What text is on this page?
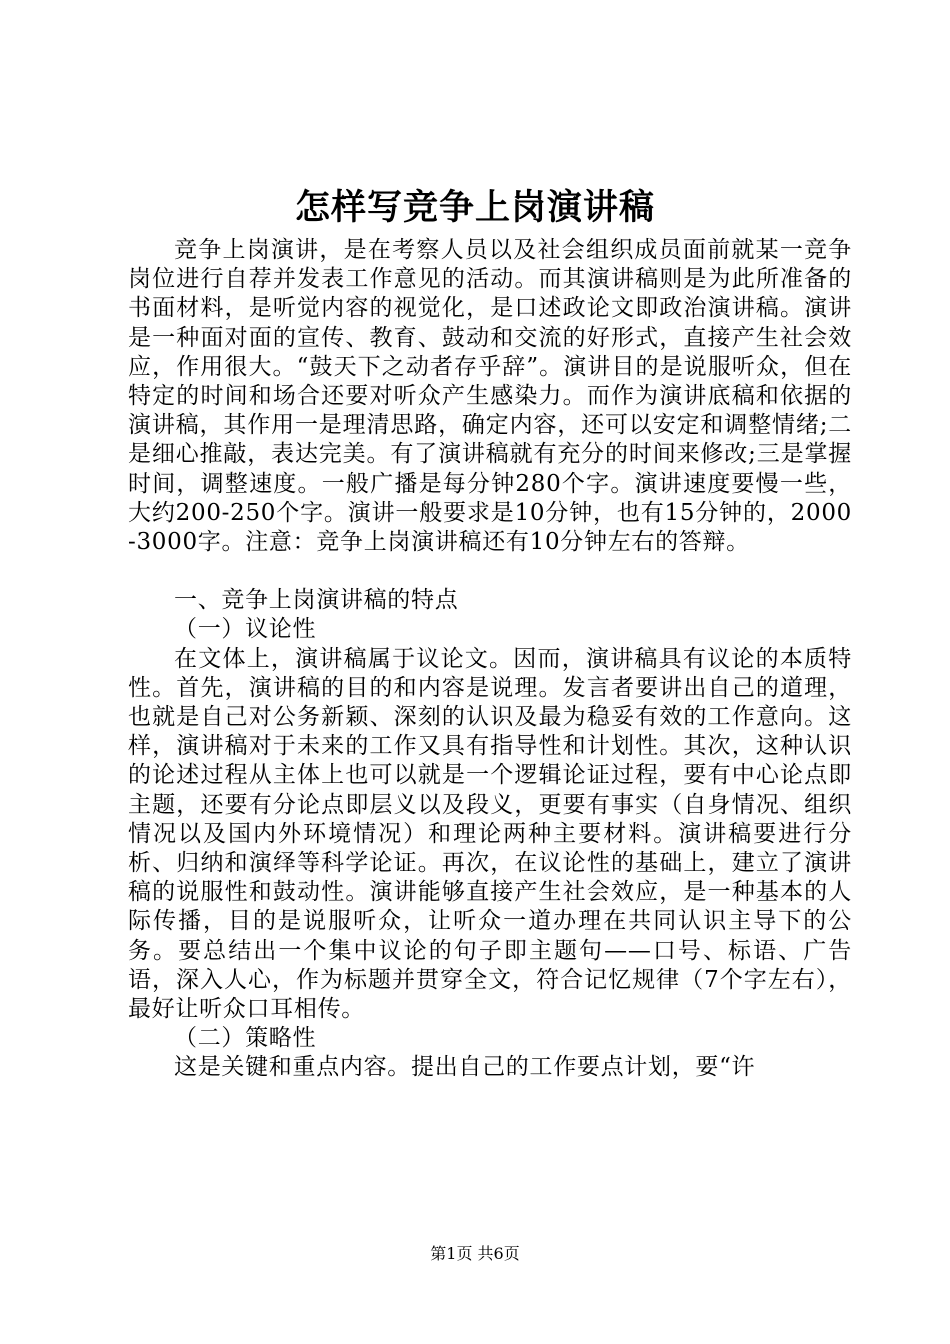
怎样写竞争上岗演讲稿

竞争上岗演讲，是在考察人员以及社会组织成员面前就某一竞争岗位进行自荐并发表工作意见的活动。而其演讲稿则是为此所准备的书面材料，是听觉内容的视觉化，是口述政论文即政治演讲稿。演讲是一种面对面的宣传、教育、鼓动和交流的好形式，直接产生社会效应，作用很大。“鼓天下之动者存乎辞”。演讲目的是说服听众，但在特定的时间和场合还要对听众产生感染力。而作为演讲底稿和依据的演讲稿，其作用一是理清思路，确定内容，还可以安定和调整情绪;二是细心推敲，表达完美。有了演讲稿就有充分的时间来修改;三是掌握时间，调整速度。一般广播是每分钟280个字。演讲速度要慢一些，大约200-250个字。演讲一般要求是10分钟，也有15分钟的，2000-3000字。注意：竞争上岗演讲稿还有10分钟左右的答辩。

一、竞争上岗演讲稿的特点

（一）议论性

在文体上，演讲稿属于议论文。因而，演讲稿具有议论的本质特性。首先，演讲稿的目的和内容是说理。发言者要讲出自己的道理，也就是自己对公务新颖、深刻的认识及最为稳妥有效的工作意向。这样，演讲稿对于未来的工作又具有指导性和计划性。其次，这种认识的论述过程从主体上也可以就是一个逻辑论证过程，要有中心论点即主题，还要有分论点即层义以及段义，更要有事实（自身情况、组织情况以及国内外环境情况）和理论两种主要材料。演讲稿要进行分析、归纳和演绎等科学论证。再次，在议论性的基础上，建立了演讲稿的说服性和鼓动性。演讲能够直接产生社会效应，是一种基本的人际传播，目的是说服听众，让听众一道办理在共同认识主导下的公务。要总结出一个集中议论的句子即主题句——口号、标语、广告语，深入人心，作为标题并贯穿全文，符合记忆规律（7个字左右），最好让听众口耳相传。

（二）策略性

这是关键和重点内容。提出自己的工作要点计划，要“许

第1页 共6页
